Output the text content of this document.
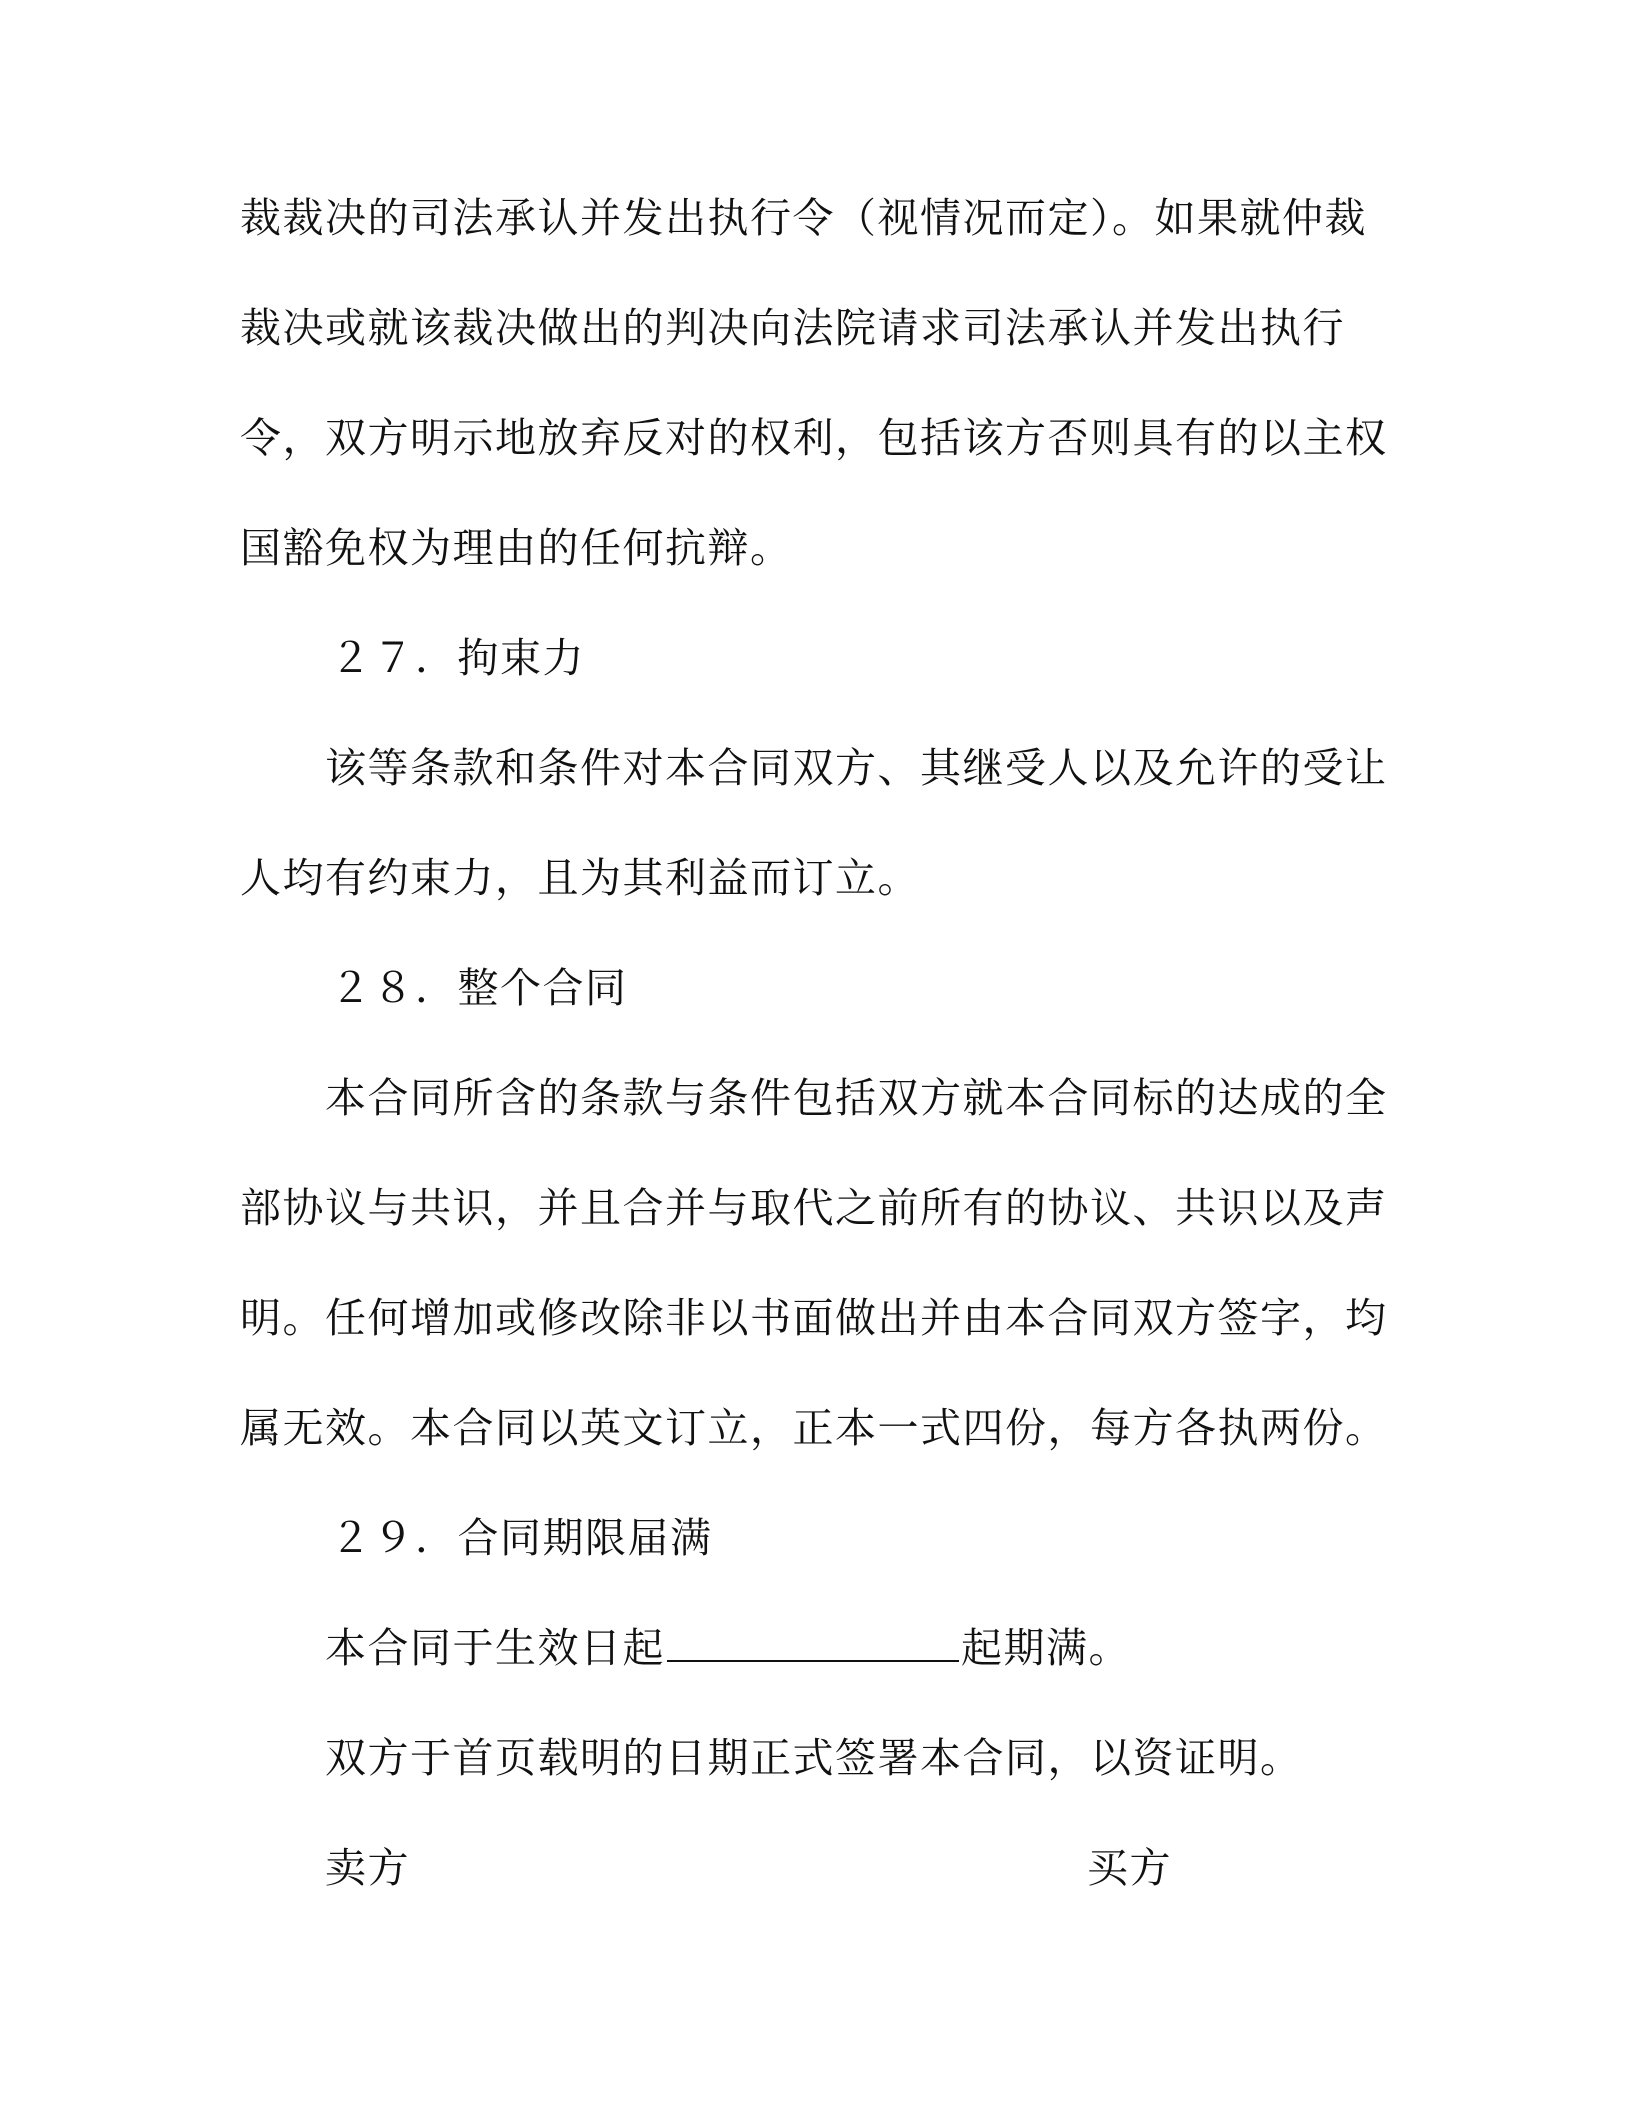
裁裁决的司法承认并发出执行令（视情况而定）。如果就仲裁
裁决或就该裁决做出的判决向法院请求司法承认并发出执行
令，双方明示地放弃反对的权利，包括该方否则具有的以主权
国豁免权为理由的任何抗辩。
２７．拘束力
该等条款和条件对本合同双方、其继受人以及允许的受让
人均有约束力，且为其利益而订立。
２８．整个合同
本合同所含的条款与条件包括双方就本合同标的达成的全
部协议与共识，并且合并与取代之前所有的协议、共识以及声
明。任何增加或修改除非以书面做出并由本合同双方签字，均
属无效。本合同以英文订立，正本一式四份，每方各执两份。
２９．合同期限届满
本合同于生效日起	起期满。
双方于首页载明的日期正式签署本合同，以资证明。
卖方	买方
